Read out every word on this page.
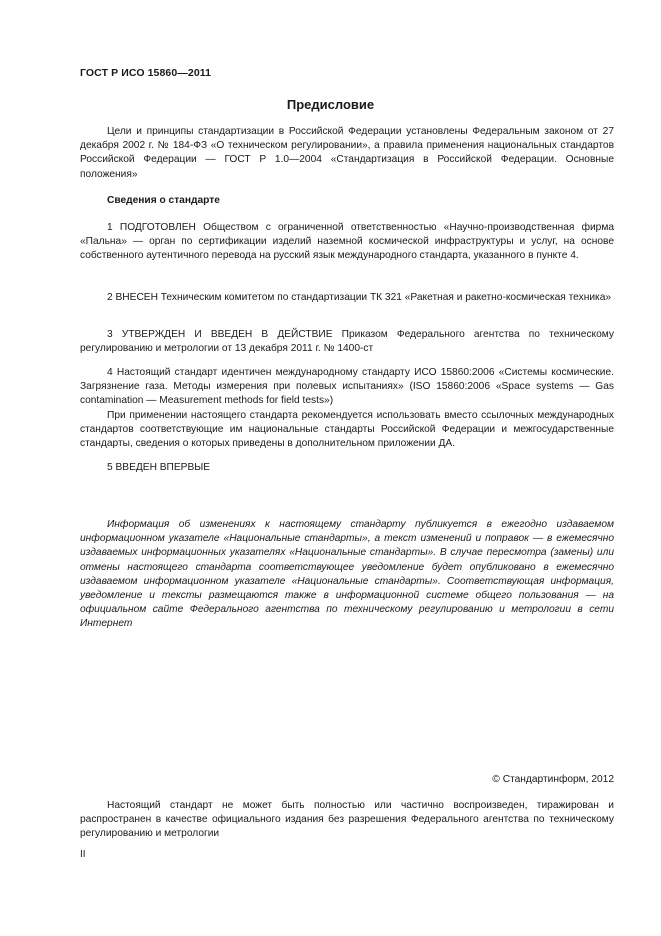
ГОСТ Р ИСО 15860—2011
Предисловие
Цели и принципы стандартизации в Российской Федерации установлены Федеральным законом от 27 декабря 2002 г. № 184-ФЗ «О техническом регулировании», а правила применения национальных стандартов Российской Федерации — ГОСТ Р 1.0—2004 «Стандартизация в Российской Федерации. Основные положения»
Сведения о стандарте
1 ПОДГОТОВЛЕН Обществом с ограниченной ответственностью «Научно-производственная фирма «Пальна» — орган по сертификации изделий наземной космической инфраструктуры и услуг, на основе собственного аутентичного перевода на русский язык международного стандарта, указанного в пункте 4.
2 ВНЕСЕН Техническим комитетом по стандартизации ТК 321 «Ракетная и ракетно-космическая техника»
3 УТВЕРЖДЕН И ВВЕДЕН В ДЕЙСТВИЕ Приказом Федерального агентства по техническому регулированию и метрологии от 13 декабря 2011 г. № 1400-ст
4 Настоящий стандарт идентичен международному стандарту ИСО 15860:2006 «Системы космические. Загрязнение газа. Методы измерения при полевых испытаниях» (ISO 15860:2006 «Space systems — Gas contamination — Measurement methods for field tests»)
При применении настоящего стандарта рекомендуется использовать вместо ссылочных международных стандартов соответствующие им национальные стандарты Российской Федерации и межгосударственные стандарты, сведения о которых приведены в дополнительном приложении ДА.
5 ВВЕДЕН ВПЕРВЫЕ
Информация об изменениях к настоящему стандарту публикуется в ежегодно издаваемом информационном указателе «Национальные стандарты», а текст изменений и поправок — в ежемесячно издаваемых информационных указателях «Национальные стандарты». В случае пересмотра (замены) или отмены настоящего стандарта соответствующее уведомление будет опубликовано в ежемесячно издаваемом информационном указателе «Национальные стандарты». Соответствующая информация, уведомление и тексты размещаются также в информационной системе общего пользования — на официальном сайте Федерального агентства по техническому регулированию и метрологии в сети Интернет
© Стандартинформ, 2012
Настоящий стандарт не может быть полностью или частично воспроизведен, тиражирован и распространен в качестве официального издания без разрешения Федерального агентства по техническому регулированию и метрологии
II
